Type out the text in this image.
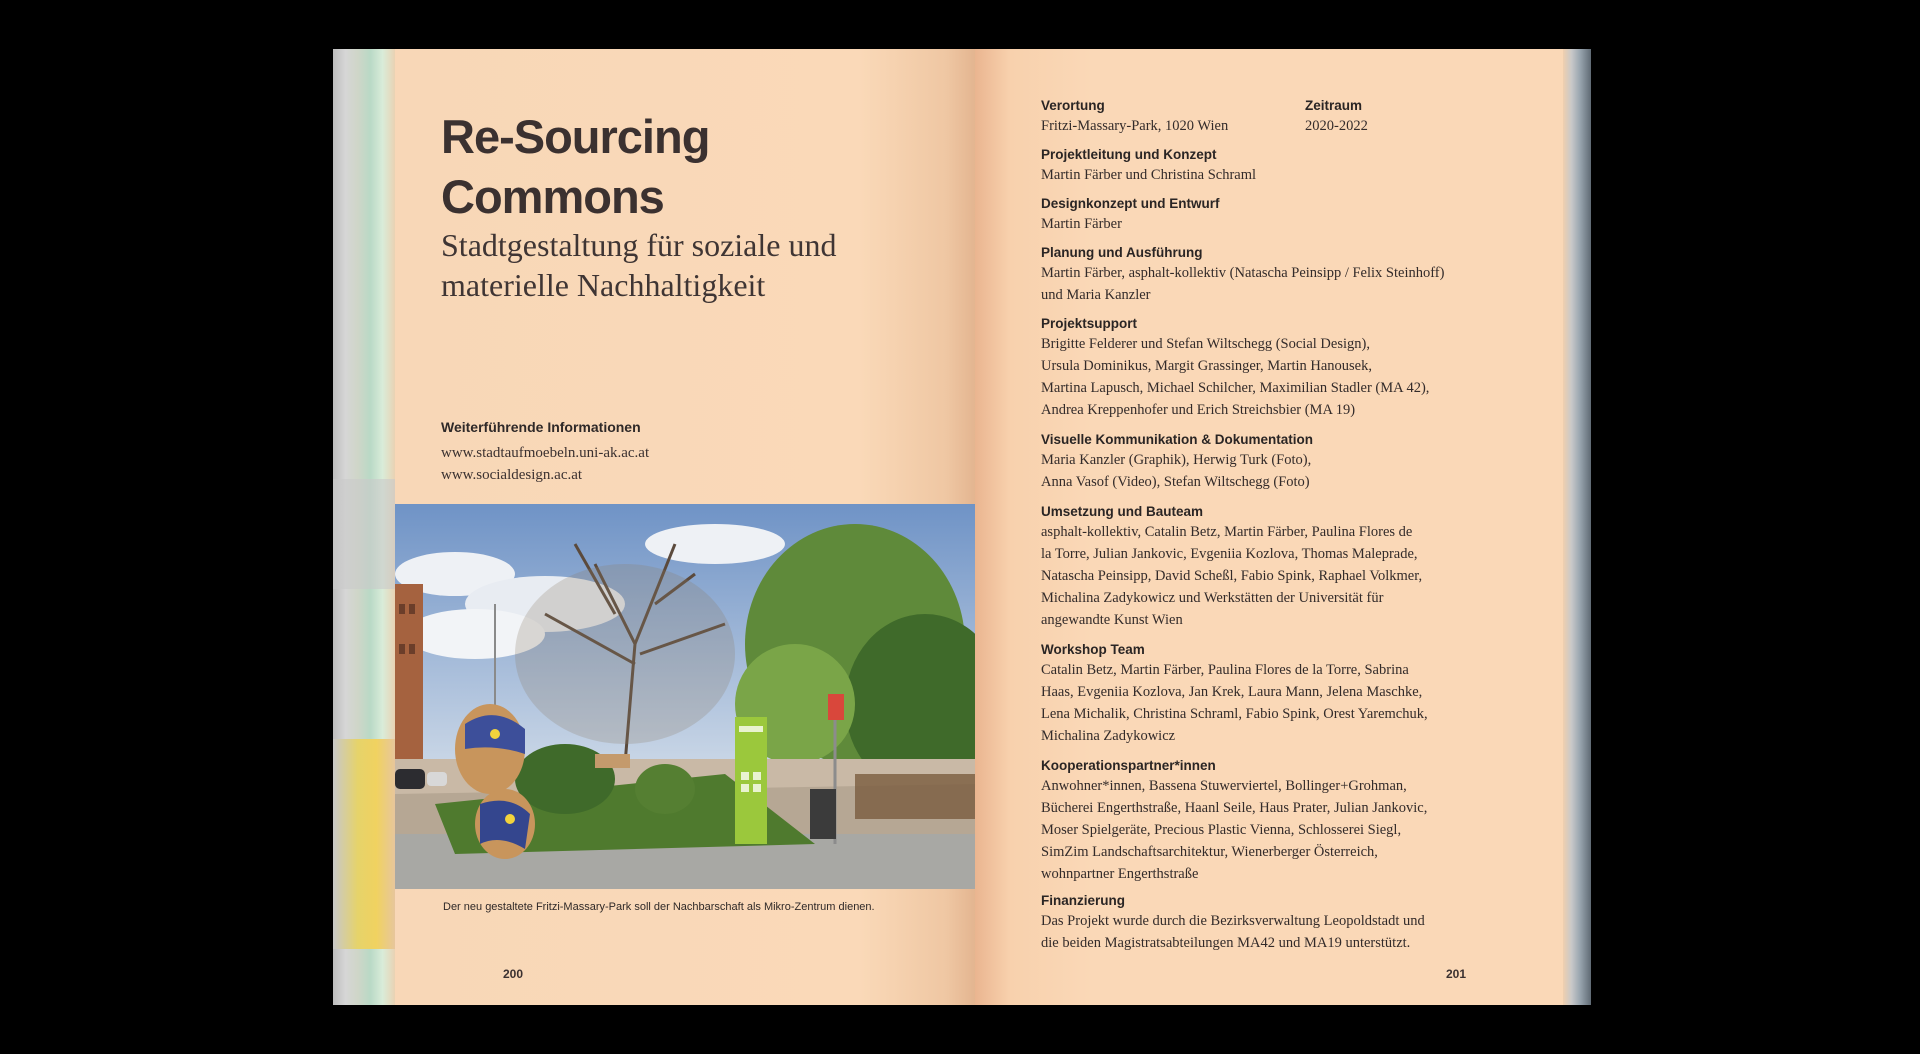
Re-Sourcing
Commons
Stadtgestaltung für soziale und
materielle Nachhaltigkeit
Weiterführende Informationen
www.stadtaufmoebeln.uni-ak.ac.at
www.socialdesign.ac.at
Der neu gestaltete Fritzi-Massary-Park soll der Nachbarschaft als Mikro-Zentrum dienen.
200
Verortung
Fritzi-Massary-Park, 1020 Wien
Zeitraum
2020-2022
Projektleitung und Konzept
Martin Färber und Christina Schraml
Designkonzept und Entwurf
Martin Färber
Planung und Ausführung
Martin Färber, asphalt-kollektiv (Natascha Peinsipp / Felix Steinhoff)
und Maria Kanzler
Projektsupport
Brigitte Felderer und Stefan Wiltschegg (Social Design),
Ursula Dominikus, Margit Grassinger, Martin Hanousek,
Martina Lapusch, Michael Schilcher, Maximilian Stadler (MA 42),
Andrea Kreppenhofer und Erich Streichsbier (MA 19)
Visuelle Kommunikation & Dokumentation
Maria Kanzler (Graphik), Herwig Turk (Foto),
Anna Vasof (Video), Stefan Wiltschegg (Foto)
Umsetzung und Bauteam
asphalt-kollektiv, Catalin Betz, Martin Färber, Paulina Flores de
la Torre, Julian Jankovic, Evgeniia Kozlova, Thomas Maleprade,
Natascha Peinsipp, David Scheßl, Fabio Spink, Raphael Volkmer,
Michalina Zadykowicz und Werkstätten der Universität für
angewandte Kunst Wien
Workshop Team
Catalin Betz, Martin Färber, Paulina Flores de la Torre, Sabrina
Haas, Evgeniia Kozlova, Jan Krek, Laura Mann, Jelena Maschke,
Lena Michalik, Christina Schraml, Fabio Spink, Orest Yaremchuk,
Michalina Zadykowicz
Kooperationspartner*innen
Anwohner*innen, Bassena Stuwerviertel, Bollinger+Grohman,
Bücherei Engerthstraße, Haanl Seile, Haus Prater, Julian Jankovic,
Moser Spielgeräte, Precious Plastic Vienna, Schlosserei Siegl,
SimZim Landschaftsarchitektur, Wienerberger Österreich,
wohnpartner Engerthstraße
Finanzierung
Das Projekt wurde durch die Bezirksverwaltung Leopoldstadt und
die beiden Magistratsabteilungen MA42 und MA19 unterstützt.
201
